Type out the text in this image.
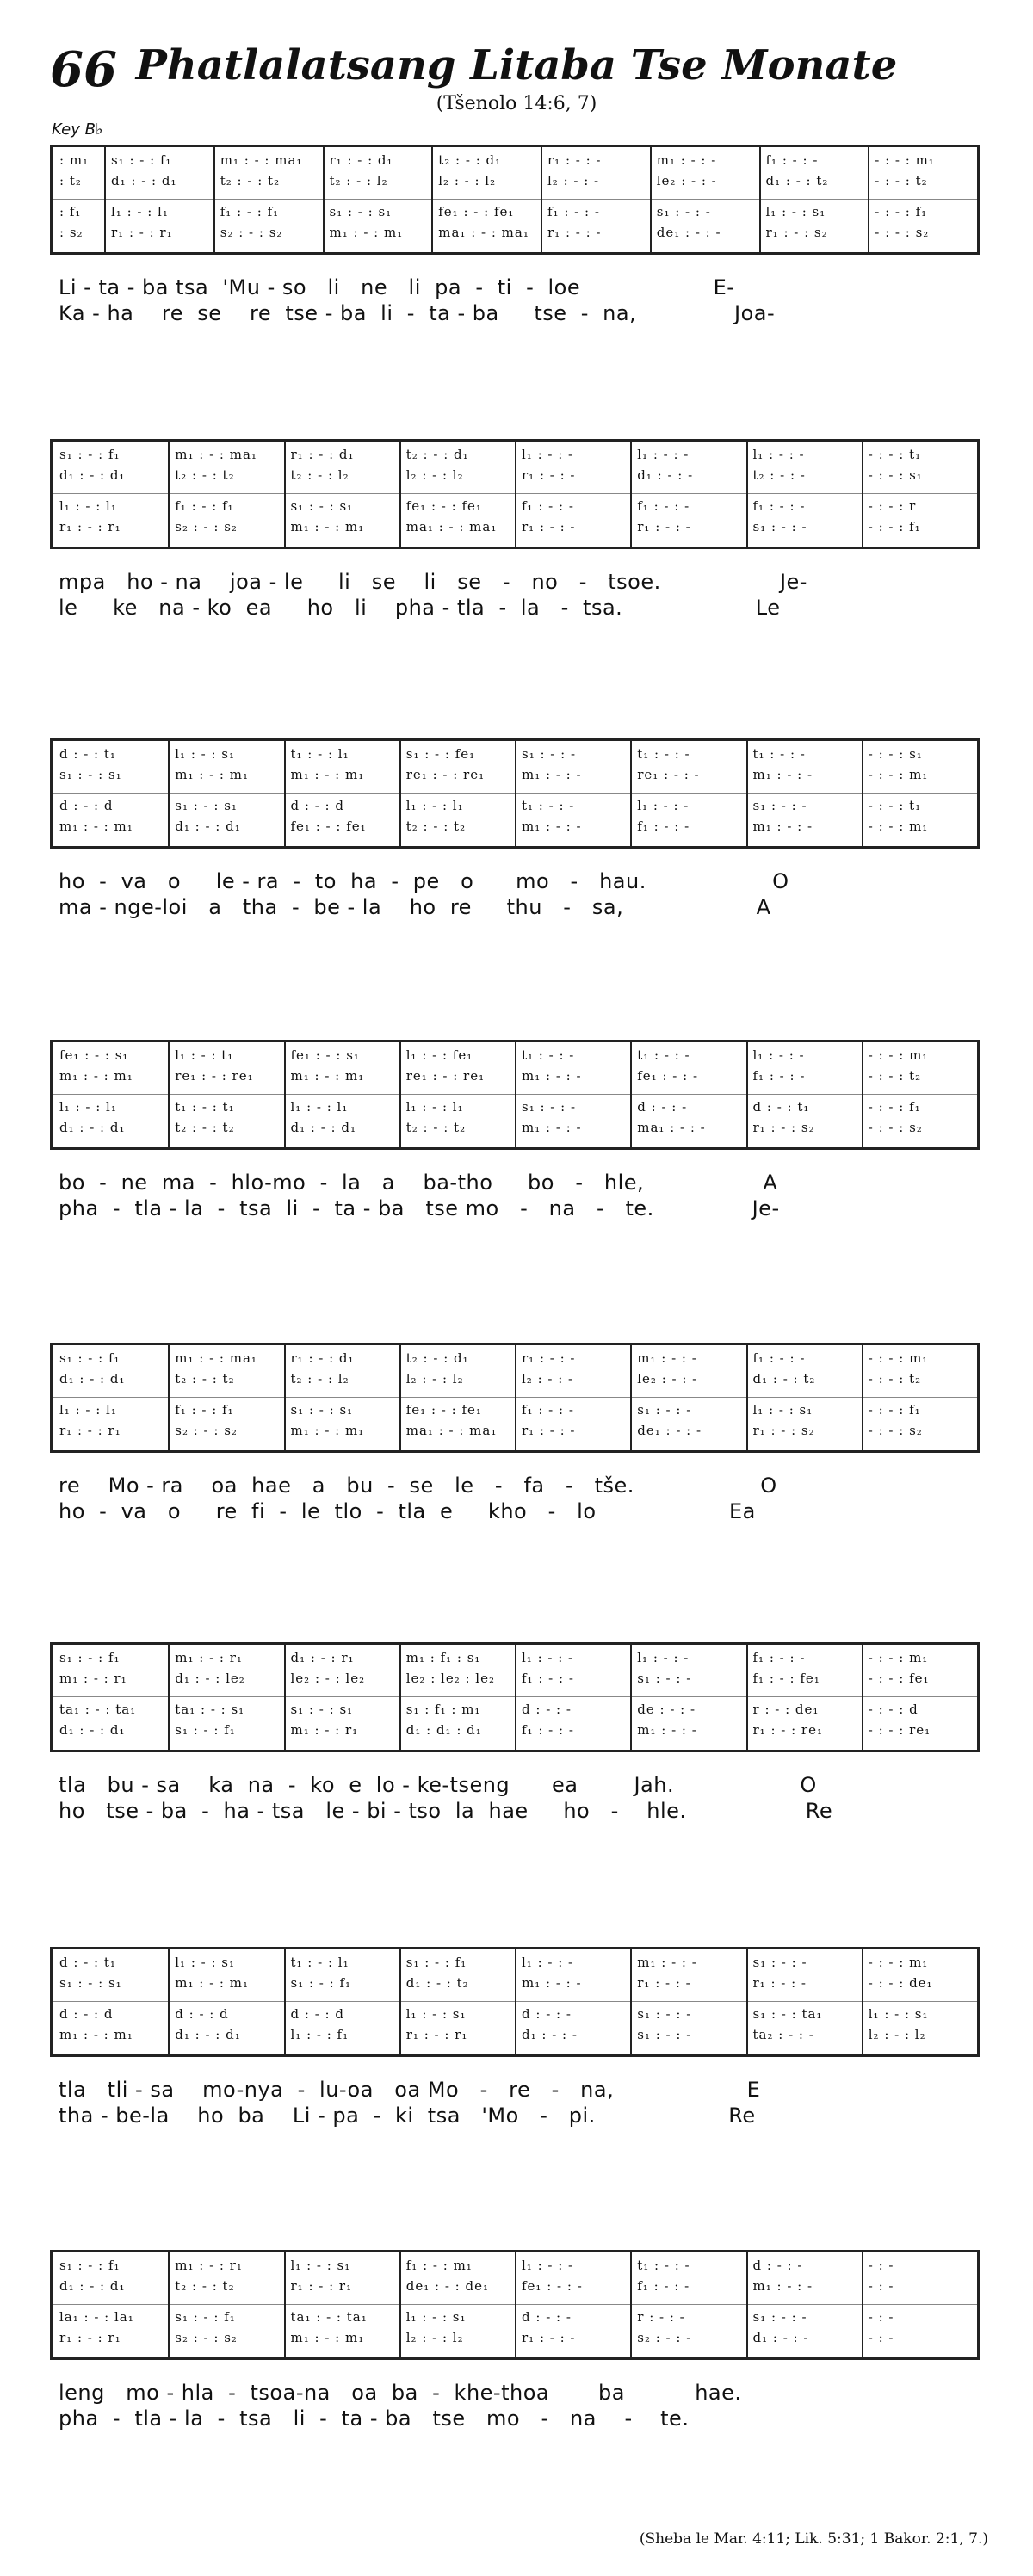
66 Phatlalatsang Litaba Tse Monate
(Tšenolo 14:6, 7)
Key B♭
: m₁	s₁ : - : f₁	m₁ : - : ma₁	r₁ : - : d₁	t₂ : - : d₁	r₁ : - : -	m₁ : - : -	f₁ : - : -	- : - : m₁
: t₂	d₁ : - : d₁	t₂ : - : t₂	t₂ : - : l₂	l₂ : - : l₂	l₂ : - : -	le₂ : - : -	d₁ : - : t₂	- : - : t₂
: f₁	l₁ : - : l₁	f₁ : - : f₁	s₁ : - : s₁	fe₁ : - : fe₁	f₁ : - : -	s₁ : - : -	l₁ : - : s₁	- : - : f₁
: s₂	r₁ : - : r₁	s₂ : - : s₂	m₁ : - : m₁	ma₁ : - : ma₁	r₁ : - : -	de₁ : - : -	r₁ : - : s₂	- : - : s₂
Li - ta - ba tsa  'Mu - so   li   ne   li  pa  -  ti  -  loe                   E-
Ka - ha    re  se    re  tse - ba  li  -  ta - ba     tse  -  na,              Joa-
s₁ : - : f₁	m₁ : - : ma₁	r₁ : - : d₁	t₂ : - : d₁	l₁ : - : -	l₁ : - : -	l₁ : - : -	- : - : t₁
d₁ : - : d₁	t₂ : - : t₂	t₂ : - : l₂	l₂ : - : l₂	r₁ : - : -	d₁ : - : -	t₂ : - : -	- : - : s₁
l₁ : - : l₁	f₁ : - : f₁	s₁ : - : s₁	fe₁ : - : fe₁	f₁ : - : -	f₁ : - : -	f₁ : - : -	- : - : r
r₁ : - : r₁	s₂ : - : s₂	m₁ : - : m₁	ma₁ : - : ma₁	r₁ : - : -	r₁ : - : -	s₁ : - : -	- : - : f₁
mpa   ho - na    joa - le     li   se    li   se   -   no   -   tsoe.                 Je-
le     ke   na - ko  ea     ho   li    pha - tla  -  la   -  tsa.                   Le
d : - : t₁	l₁ : - : s₁	t₁ : - : l₁	s₁ : - : fe₁	s₁ : - : -	t₁ : - : -	t₁ : - : -	- : - : s₁
s₁ : - : s₁	m₁ : - : m₁	m₁ : - : m₁	re₁ : - : re₁	m₁ : - : -	re₁ : - : -	m₁ : - : -	- : - : m₁
d : - : d	s₁ : - : s₁	d : - : d	l₁ : - : l₁	t₁ : - : -	l₁ : - : -	s₁ : - : -	- : - : t₁
m₁ : - : m₁	d₁ : - : d₁	fe₁ : - : fe₁	t₂ : - : t₂	m₁ : - : -	f₁ : - : -	m₁ : - : -	- : - : m₁
ho  -  va   o     le - ra  -  to  ha  -  pe   o      mo   -   hau.                  O
ma - nge-loi   a   tha  -  be - la    ho  re     thu   -   sa,                   A
fe₁ : - : s₁	l₁ : - : t₁	fe₁ : - : s₁	l₁ : - : fe₁	t₁ : - : -	t₁ : - : -	l₁ : - : -	- : - : m₁
m₁ : - : m₁	re₁ : - : re₁	m₁ : - : m₁	re₁ : - : re₁	m₁ : - : -	fe₁ : - : -	f₁ : - : -	- : - : t₂
l₁ : - : l₁	t₁ : - : t₁	l₁ : - : l₁	l₁ : - : l₁	s₁ : - : -	d : - : -	d : - : t₁	- : - : f₁
d₁ : - : d₁	t₂ : - : t₂	d₁ : - : d₁	t₂ : - : t₂	m₁ : - : -	ma₁ : - : -	r₁ : - : s₂	- : - : s₂
bo  -  ne  ma  -  hlo-mo  -  la   a    ba-tho     bo   -   hle,                 A
pha  -  tla - la  -  tsa  li  -  ta - ba   tse mo   -   na   -   te.              Je-
s₁ : - : f₁	m₁ : - : ma₁	r₁ : - : d₁	t₂ : - : d₁	r₁ : - : -	m₁ : - : -	f₁ : - : -	- : - : m₁
d₁ : - : d₁	t₂ : - : t₂	t₂ : - : l₂	l₂ : - : l₂	l₂ : - : -	le₂ : - : -	d₁ : - : t₂	- : - : t₂
l₁ : - : l₁	f₁ : - : f₁	s₁ : - : s₁	fe₁ : - : fe₁	f₁ : - : -	s₁ : - : -	l₁ : - : s₁	- : - : f₁
r₁ : - : r₁	s₂ : - : s₂	m₁ : - : m₁	ma₁ : - : ma₁	r₁ : - : -	de₁ : - : -	r₁ : - : s₂	- : - : s₂
re    Mo - ra    oa  hae   a   bu  -  se   le   -   fa   -   tše.                  O
ho  -  va   o     re  fi  -  le  tlo  -  tla  e     kho   -   lo                   Ea
s₁ : - : f₁	m₁ : - : r₁	d₁ : - : r₁	m₁ : f₁ : s₁	l₁ : - : -	l₁ : - : -	f₁ : - : -	- : - : m₁
m₁ : - : r₁	d₁ : - : le₂	le₂ : - : le₂	le₂ : le₂ : le₂	f₁ : - : -	s₁ : - : -	f₁ : - : fe₁	- : - : fe₁
ta₁ : - : ta₁	ta₁ : - : s₁	s₁ : - : s₁	s₁ : f₁ : m₁	d : - : -	de : - : -	r : - : de₁	- : - : d
d₁ : - : d₁	s₁ : - : f₁	m₁ : - : r₁	d₁ : d₁ : d₁	f₁ : - : -	m₁ : - : -	r₁ : - : re₁	- : - : re₁
tla   bu - sa    ka  na  -  ko  e  lo - ke-tseng      ea        Jah.                  O
ho   tse - ba  -  ha - tsa   le - bi - tso  la  hae     ho   -    hle.                 Re
d : - : t₁	l₁ : - : s₁	t₁ : - : l₁	s₁ : - : f₁	l₁ : - : -	m₁ : - : -	s₁ : - : -	- : - : m₁
s₁ : - : s₁	m₁ : - : m₁	s₁ : - : f₁	d₁ : - : t₂	m₁ : - : -	r₁ : - : -	r₁ : - : -	- : - : de₁
d : - : d	d : - : d	d : - : d	l₁ : - : s₁	d : - : -	s₁ : - : -	s₁ : - : ta₁	l₁ : - : s₁
m₁ : - : m₁	d₁ : - : d₁	l₁ : - : f₁	r₁ : - : r₁	d₁ : - : -	s₁ : - : -	ta₂ : - : -	l₂ : - : l₂
tla   tli - sa    mo-nya  -  lu-oa   oa Mo   -   re   -   na,                   E
tha - be-la    ho  ba    Li - pa  -  ki  tsa   'Mo   -   pi.                   Re
s₁ : - : f₁	m₁ : - : r₁	l₁ : - : s₁	f₁ : - : m₁	l₁ : - : -	t₁ : - : -	d : - : -	- : -
d₁ : - : d₁	t₂ : - : t₂	r₁ : - : r₁	de₁ : - : de₁	fe₁ : - : -	f₁ : - : -	m₁ : - : -	- : -
la₁ : - : la₁	s₁ : - : f₁	ta₁ : - : ta₁	l₁ : - : s₁	d : - : -	r : - : -	s₁ : - : -	- : -
r₁ : - : r₁	s₂ : - : s₂	m₁ : - : m₁	l₂ : - : l₂	r₁ : - : -	s₂ : - : -	d₁ : - : -	- : -
leng   mo - hla  -  tsoa-na   oa  ba  -  khe-thoa       ba          hae.
pha  -  tla - la  -  tsa   li  -  ta - ba   tse   mo   -   na    -    te.
(Sheba le Mar. 4:11; Lik. 5:31; 1 Bakor. 2:1, 7.)
